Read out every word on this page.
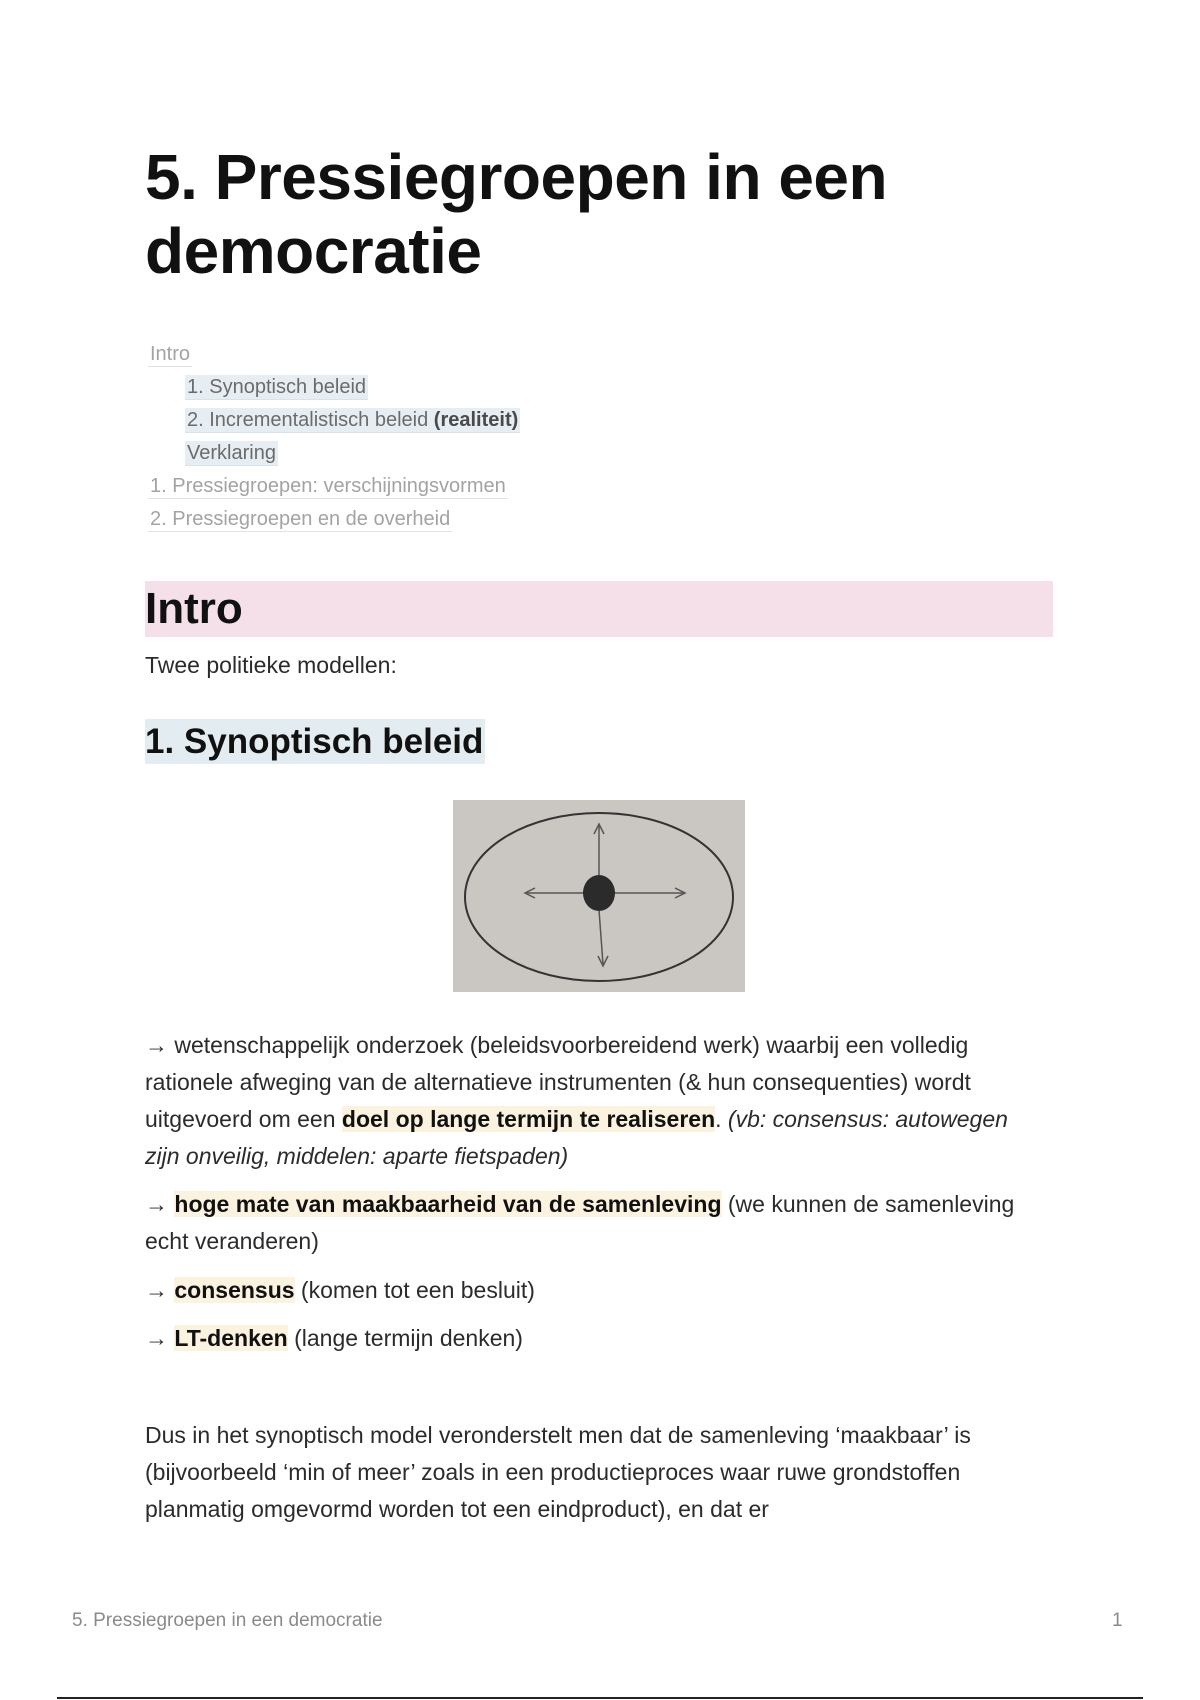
5. Pressiegroepen in een democratie
Intro
1. Synoptisch beleid
2. Incrementalistisch beleid (realiteit)
Verklaring
1. Pressiegroepen: verschijningsvormen
2. Pressiegroepen en de overheid
Intro

Twee politieke modellen:

1. Synoptisch beleid

→ wetenschappelijk onderzoek (beleidsvoorbereidend werk) waarbij een volledig rationele afweging van de alternatieve instrumenten (& hun consequenties) wordt uitgevoerd om een doel op lange termijn te realiseren. (vb: consensus: autowegen zijn onveilig, middelen: aparte fietspaden)

→ hoge mate van maakbaarheid van de samenleving (we kunnen de samenleving echt veranderen)

→ consensus (komen tot een besluit)

→ LT-denken (lange termijn denken)

Dus in het synoptisch model veronderstelt men dat de samenleving ‘maakbaar’ is (bijvoorbeeld ‘min of meer’ zoals in een productieproces waar ruwe grondstoffen planmatig omgevormd worden tot een eindproduct), en dat er

5. Pressiegroepen in een democratie	1
